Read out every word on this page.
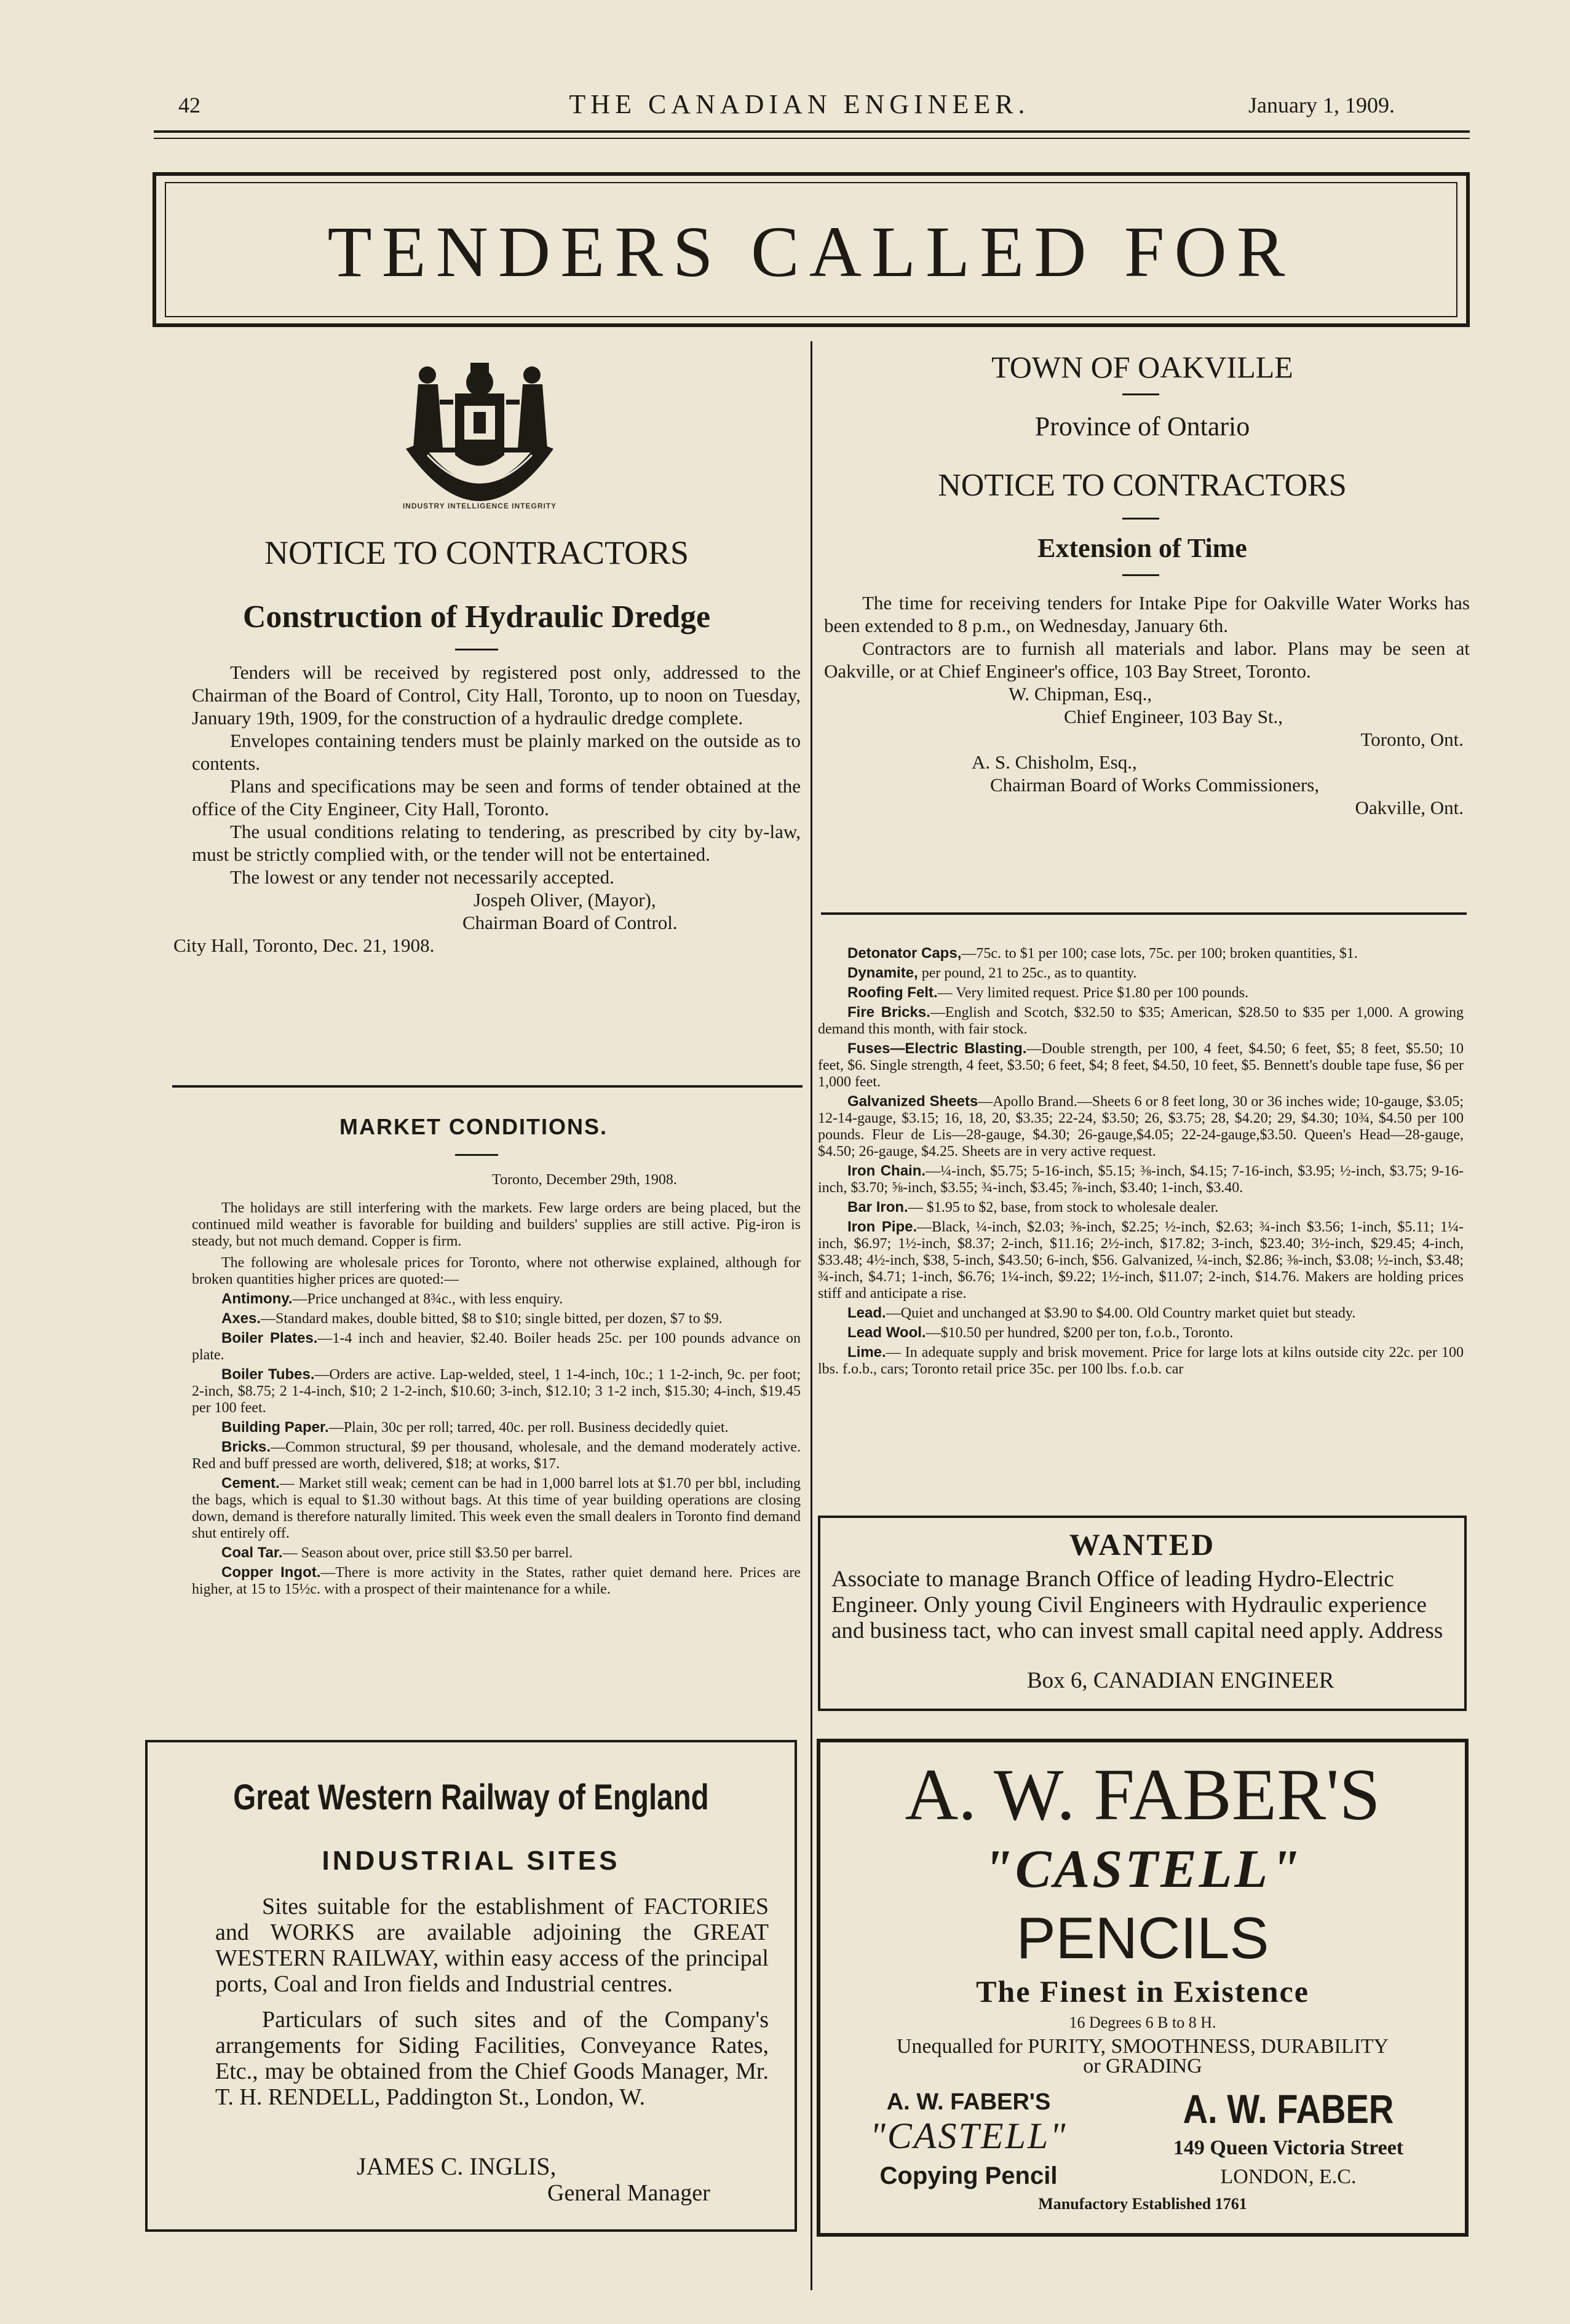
42	THE CANADIAN ENGINEER.	January 1, 1909.
TENDERS CALLED FOR
INDUSTRY INTELLIGENCE INTEGRITY
NOTICE TO CONTRACTORS
Construction of Hydraulic Dredge
Tenders will be received by registered post only, addressed to the Chairman of the Board of Control, City Hall, Toronto, up to noon on Tuesday, January 19th, 1909, for the construction of a hydraulic dredge complete.
Envelopes containing tenders must be plainly marked on the outside as to contents.
Plans and specifications may be seen and forms of tender obtained at the office of the City Engineer, City Hall, Toronto.
The usual conditions relating to tendering, as prescribed by city by-law, must be strictly complied with, or the tender will not be entertained.
The lowest or any tender not necessarily accepted.
Jospeh Oliver, (Mayor),
Chairman Board of Control.
City Hall, Toronto, Dec. 21, 1908.
MARKET CONDITIONS.
Toronto, December 29th, 1908.
The holidays are still interfering with the markets. Few large orders are being placed, but the continued mild weather is favorable for building and builders' supplies are still active. Pig-iron is steady, but not much demand. Copper is firm.
The following are wholesale prices for Toronto, where not otherwise explained, although for broken quantities higher prices are quoted:—
Antimony.—Price unchanged at 8¾c., with less enquiry.
Axes.—Standard makes, double bitted, $8 to $10; single bitted, per dozen, $7 to $9.
Boiler Plates.—1-4 inch and heavier, $2.40. Boiler heads 25c. per 100 pounds advance on plate.
Boiler Tubes.—Orders are active. Lap-welded, steel, 1 1-4-inch, 10c.; 1 1-2-inch, 9c. per foot; 2-inch, $8.75; 2 1-4-inch, $10; 2 1-2-inch, $10.60; 3-inch, $12.10; 3 1-2 inch, $15.30; 4-inch, $19.45 per 100 feet.
Building Paper.—Plain, 30c per roll; tarred, 40c. per roll. Business decidedly quiet.
Bricks.—Common structural, $9 per thousand, wholesale, and the demand moderately active. Red and buff pressed are worth, delivered, $18; at works, $17.
Cement.— Market still weak; cement can be had in 1,000 barrel lots at $1.70 per bbl, including the bags, which is equal to $1.30 without bags. At this time of year building operations are closing down, demand is therefore naturally limited. This week even the small dealers in Toronto find demand shut entirely off.
Coal Tar.— Season about over, price still $3.50 per barrel.
Copper Ingot.—There is more activity in the States, rather quiet demand here. Prices are higher, at 15 to 15½c. with a prospect of their maintenance for a while.
Detonator Caps,—75c. to $1 per 100; case lots, 75c. per 100; broken quantities, $1.
Dynamite, per pound, 21 to 25c., as to quantity.
Roofing Felt.— Very limited request. Price $1.80 per 100 pounds.
Fire Bricks.—English and Scotch, $32.50 to $35; American, $28.50 to $35 per 1,000. A growing demand this month, with fair stock.
Fuses—Electric Blasting.—Double strength, per 100, 4 feet, $4.50; 6 feet, $5; 8 feet, $5.50; 10 feet, $6. Single strength, 4 feet, $3.50; 6 feet, $4; 8 feet, $4.50, 10 feet, $5. Bennett's double tape fuse, $6 per 1,000 feet.
Galvanized Sheets—Apollo Brand.—Sheets 6 or 8 feet long, 30 or 36 inches wide; 10-gauge, $3.05; 12-14-gauge, $3.15; 16, 18, 20, $3.35; 22-24, $3.50; 26, $3.75; 28, $4.20; 29, $4.30; 10¾, $4.50 per 100 pounds. Fleur de Lis—28-gauge, $4.30; 26-gauge,$4.05; 22-24-gauge,$3.50. Queen's Head—28-gauge, $4.50; 26-gauge, $4.25. Sheets are in very active request.
Iron Chain.—¼-inch, $5.75; 5-16-inch, $5.15; ⅜-inch, $4.15; 7-16-inch, $3.95; ½-inch, $3.75; 9-16-inch, $3.70; ⅝-inch, $3.55; ¾-inch, $3.45; ⅞-inch, $3.40; 1-inch, $3.40.
Bar Iron.— $1.95 to $2, base, from stock to wholesale dealer.
Iron Pipe.—Black, ¼-inch, $2.03; ⅜-inch, $2.25; ½-inch, $2.63; ¾-inch $3.56; 1-inch, $5.11; 1¼-inch, $6.97; 1½-inch, $8.37; 2-inch, $11.16; 2½-inch, $17.82; 3-inch, $23.40; 3½-inch, $29.45; 4-inch, $33.48; 4½-inch, $38, 5-inch, $43.50; 6-inch, $56. Galvanized, ¼-inch, $2.86; ⅜-inch, $3.08; ½-inch, $3.48; ¾-inch, $4.71; 1-inch, $6.76; 1¼-inch, $9.22; 1½-inch, $11.07; 2-inch, $14.76. Makers are holding prices stiff and anticipate a rise.
Lead.—Quiet and unchanged at $3.90 to $4.00. Old Country market quiet but steady.
Lead Wool.—$10.50 per hundred, $200 per ton, f.o.b., Toronto.
Lime.— In adequate supply and brisk movement. Price for large lots at kilns outside city 22c. per 100 lbs. f.o.b., cars; Toronto retail price 35c. per 100 lbs. f.o.b. car
TOWN OF OAKVILLE
Province of Ontario
NOTICE TO CONTRACTORS
Extension of Time
The time for receiving tenders for Intake Pipe for Oakville Water Works has been extended to 8 p.m., on Wednesday, January 6th.
Contractors are to furnish all materials and labor. Plans may be seen at Oakville, or at Chief Engineer's office, 103 Bay Street, Toronto.
W. Chipman, Esq.,
Chief Engineer, 103 Bay St.,
Toronto, Ont.
A. S. Chisholm, Esq.,
Chairman Board of Works Commissioners,
Oakville, Ont.
WANTED
Associate to manage Branch Office of leading Hydro-Electric Engineer. Only young Civil Engineers with Hydraulic experience and business tact, who can invest small capital need apply. Address
Box 6, CANADIAN ENGINEER
Great Western Railway of England
INDUSTRIAL SITES
Sites suitable for the establishment of FACTORIES and WORKS are available adjoining the GREAT WESTERN RAILWAY, within easy access of the principal ports, Coal and Iron fields and Industrial centres.
Particulars of such sites and of the Company's arrangements for Siding Facilities, Conveyance Rates, Etc., may be obtained from the Chief Goods Manager, Mr. T. H. RENDELL, Paddington St., London, W.
JAMES C. INGLIS,
General Manager
A. W. FABER'S
"CASTELL"
PENCILS
The Finest in Existence
16 Degrees 6 B to 8 H.
Unequalled for PURITY, SMOOTHNESS, DURABILITY
or GRADING
A. W. FABER'S
"CASTELL"
Copying Pencil
A. W. FABER
149 Queen Victoria Street
LONDON, E.C.
Manufactory Established 1761
